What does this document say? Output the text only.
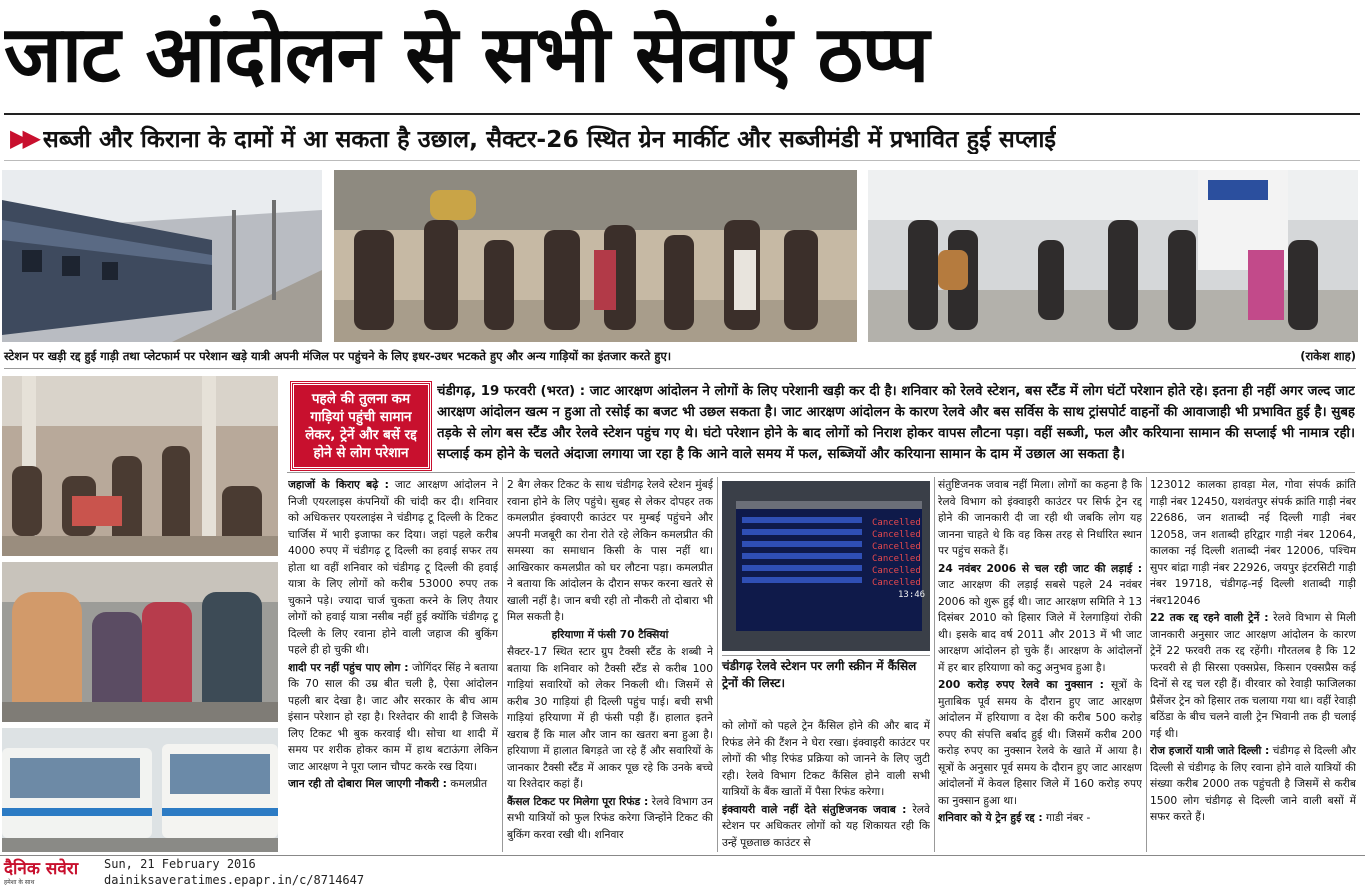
जाट आंदोलन से सभी सेवाएं ठप्प
▶▶ सब्जी और किराना के दामों में आ सकता है उछाल, सैक्टर-26 स्थित ग्रेन मार्कीट और सब्जीमंडी में प्रभावित हुई सप्लाई
स्टेशन पर खड़ी रद्द हुई गाड़ी तथा प्लेटफार्म पर परेशान खड़े यात्री अपनी मंजिल पर पहुंचने के लिए इधर-उधर भटकते हुए और अन्य गाड़ियों का इंतजार करते हुए।	(राकेश शाह)
पहले की तुलना कम गाड़ियां पहुंची सामान लेकर, ट्रेनें और बसें रद्द होने से लोग परेशान
चंडीगढ़, 19 फरवरी (भरत) : जाट आरक्षण आंदोलन ने लोगों के लिए परेशानी खड़ी कर दी है। शनिवार को रेलवे स्टेशन, बस स्टैंड में लोग घंटों परेशान होते रहे। इतना ही नहीं अगर जल्द जाट आरक्षण आंदोलन खत्म न हुआ तो रसोई का बजट भी उछल सकता है। जाट आरक्षण आंदोलन के कारण रेलवे और बस सर्विस के साथ ट्रांसपोर्ट वाहनों की आवाजाही भी प्रभावित हुई है। सुबह तड़के से लोग बस स्टैंड और रेलवे स्टेशन पहुंच गए थे। घंटो परेशान होने के बाद लोगों को निराश होकर वापस लौटना पड़ा। वहीं सब्जी, फल और करियाना सामान की सप्लाई भी नामात्र रही। सप्लाई कम होने के चलते अंदाजा लगाया जा रहा है कि आने वाले समय में फल, सब्जियों और करियाना सामान के दाम में उछाल आ सकता है।

जहाजों के किराए बढ़े : जाट आरक्षण आंदोलन ने निजी एयरलाइस कंपनियों की चांदी कर दी। शनिवार को अधिकत्तर एयरलाइंस ने चंडीगढ़ टू दिल्ली के टिकट चार्जिस में भारी इजाफा कर दिया। जहां पहले करीब 4000 रुपए में चंडीगढ़ टू दिल्ली का हवाई सफर तय होता था वहीं शनिवार को चंडीगढ़ टू दिल्ली की हवाई यात्रा के लिए लोगों को करीब 53000 रुपए तक चुकाने पड़े। ज्यादा चार्ज चुकता करने के लिए तैयार लोगों को हवाई यात्रा नसीब नहीं हुई क्योंकि चंडीगढ़ टू दिल्ली के लिए रवाना होने वाली जहाज की बुकिंग पहले ही हो चुकी थी।

शादी पर नहीं पहुंच पाए लोग : जोगिंदर सिंह ने बताया कि 70 साल की उम्र बीत चली है, ऐसा आंदोलन पहली बार देखा है। जाट और सरकार के बीच आम इंसान परेशान हो रहा है। रिश्तेदार की शादी है जिसके लिए टिकट भी बुक करवाई थी। सोचा था शादी में समय पर शरीक होकर काम में हाथ बटाऊंगा लेकिन जाट आरक्षण ने पूरा प्लान चौपट करके रख दिया।

जान रही तो दोबारा मिल जाएगी नौकरी : कमलप्रीत

2 बैग लेकर टिकट के साथ चंडीगढ़ रेलवे स्टेशन मुंबई रवाना होने के लिए पहुंचे। सुबह से लेकर दोपहर तक कमलप्रीत इंक्वाएरी काउंटर पर मुम्बई पहुंचने और अपनी मजबूरी का रोना रोते रहे लेकिन कमलप्रीत की समस्या का समाधान किसी के पास नहीं था। आखिरकार कमलप्रीत को घर लौटना पड़ा। कमलप्रीत ने बताया कि आंदोलन के दौरान सफर करना खतरे से खाली नहीं है। जान बची रही तो नौकरी तो दोबारा भी मिल सकती है।

हरियाणा में फंसी 70 टैक्सियां

सैक्टर-17 स्थित स्टार ग्रुप टैक्सी स्टैंड के शब्बी ने बताया कि शनिवार को टैक्सी स्टैंड से करीब 100 गाड़ियां सवारियों को लेकर निकली थी। जिसमें से करीब 30 गाड़ियां ही दिल्ली पहुंच पाई। बची सभी गाड़ियां हरियाणा में ही फंसी पड़ी हैं। हालात इतने खराब हैं कि माल और जान का खतरा बना हुआ है। हरियाणा में हालात बिगड़ते जा रहे हैं और सवारियों के जानकार टैक्सी स्टैंड में आकर पूछ रहे कि उनके बच्चे या रिश्तेदार कहां हैं।

कैंसल टिकट पर मिलेगा पूरा रिफंड : रेलवे विभाग उन सभी यात्रियों को फुल रिफंड करेगा जिन्होंने टिकट की बुकिंग करवा रखी थी। शनिवार

Cancelled
Cancelled
Cancelled
Cancelled
Cancelled
Cancelled
13:46
चंडीगढ़ रेलवे स्टेशन पर लगी स्क्रीन में कैंसिल ट्रेनों की लिस्ट।

को लोगों को पहले ट्रेन कैंसिल होने की और बाद में रिफंड लेने की टैंशन ने घेरा रखा। इंक्वाइरी काउंटर पर लोगों की भीड़ रिफंड प्रक्रिया को जानने के लिए जुटी रही। रेलवे विभाग टिकट कैंसिल होने वाली सभी यात्रियों के बैंक खातों में पैसा रिफंड करेगा।

इंक्वायरी वाले नहीं देते संतुष्टिजनक जवाब : रेलवे स्टेशन पर अधिकतर लोगों को यह शिकायत रही कि उन्हें पूछताछ काउंटर से

संतुष्टिजनक जवाब नहीं मिला। लोगों का कहना है कि रेलवे विभाग को इंक्वाइरी काउंटर पर सिर्फ ट्रेन रद्द होने की जानकारी दी जा रही थी जबकि लोग यह जानना चाहते थे कि वह किस तरह से निर्धारित स्थान पर पहुंच सकते हैं।

24 नवंबर 2006 से चल रही जाट की लड़ाई : जाट आरक्षण की लड़ाई सबसे पहले 24 नवंबर 2006 को शुरू हुई थी। जाट आरक्षण समिति ने 13 दिसंबर 2010 को हिसार जिले में रेलगाड़ियां रोकी थी। इसके बाद वर्ष 2011 और 2013 में भी जाट आरक्षण आंदोलन हो चुके हैं। आरक्षण के आंदोलनों में हर बार हरियाणा को कटु अनुभव हुआ है।

200 करोड़ रुपए रेलवे का नुक्सान : सूत्रों के मुताबिक पूर्व समय के दौरान हुए जाट आरक्षण आंदोलन में हरियाणा व देश की करीब 500 करोड़ रुपए की संपत्ति बर्बाद हुई थी। जिसमें करीब 200 करोड़ रुपए का नुक्सान रेलवे के खाते में आया है। सूत्रों के अनुसार पूर्व समय के दौरान हुए जाट आरक्षण आंदोलनों में केवल हिसार जिले में 160 करोड़ रुपए का नुक्सान हुआ था।

शनिवार को ये ट्रेन हुई रद्द : गाडी नंबर -

123012 कालका हावड़ा मेल, गोवा संपर्क क्रांति गाड़ी नंबर 12450, यशवंतपुर संपर्क क्रांति गाड़ी नंबर 22686, जन शताब्दी नई दिल्ली गाड़ी नंबर 12058, जन शताब्दी हरिद्वार गाड़ी नंबर 12064, कालका नई दिल्ली शताब्दी नंबर 12006, पश्चिम सुपर बांद्रा गाड़ी नंबर 22926, जयपुर इंटरसिटी गाड़ी नंबर 19718, चंडीगढ़-नई दिल्ली शताब्दी गाड़ी नंबर12046

22 तक रद्द रहने वाली ट्रेनें : रेलवे विभाग से मिली जानकारी अनुसार जाट आरक्षण आंदोलन के कारण ट्रेनें 22 फरवरी तक रद्द रहेंगी। गौरतलब है कि 12 फरवरी से ही सिरसा एक्सप्रेस, किसान एक्सप्रैस कई दिनों से रद्द चल रही हैं। वीरवार को रेवाड़ी फाजिलका प्रैसेंजर ट्रेन को हिसार तक चलाया गया था। वहीं रेवाड़ी बठिंडा के बीच चलने वाली ट्रेन भिवानी तक ही चलाई गई थी।

रोज हजारों यात्री जाते दिल्ली : चंडीगढ़ से दिल्ली और दिल्ली से चंडीगढ़ के लिए रवाना होने वाले यात्रियों की संख्या करीब 2000 तक पहुंचती है जिसमें से करीब 1500 लोग चंडीगढ़ से दिल्ली जाने वाली बसों में सफर करते हैं।

दैनिक सवेरा
हमेशा के साथ
Sun, 21 February 2016
dainiksaveratimes.epapr.in/c/8714647
